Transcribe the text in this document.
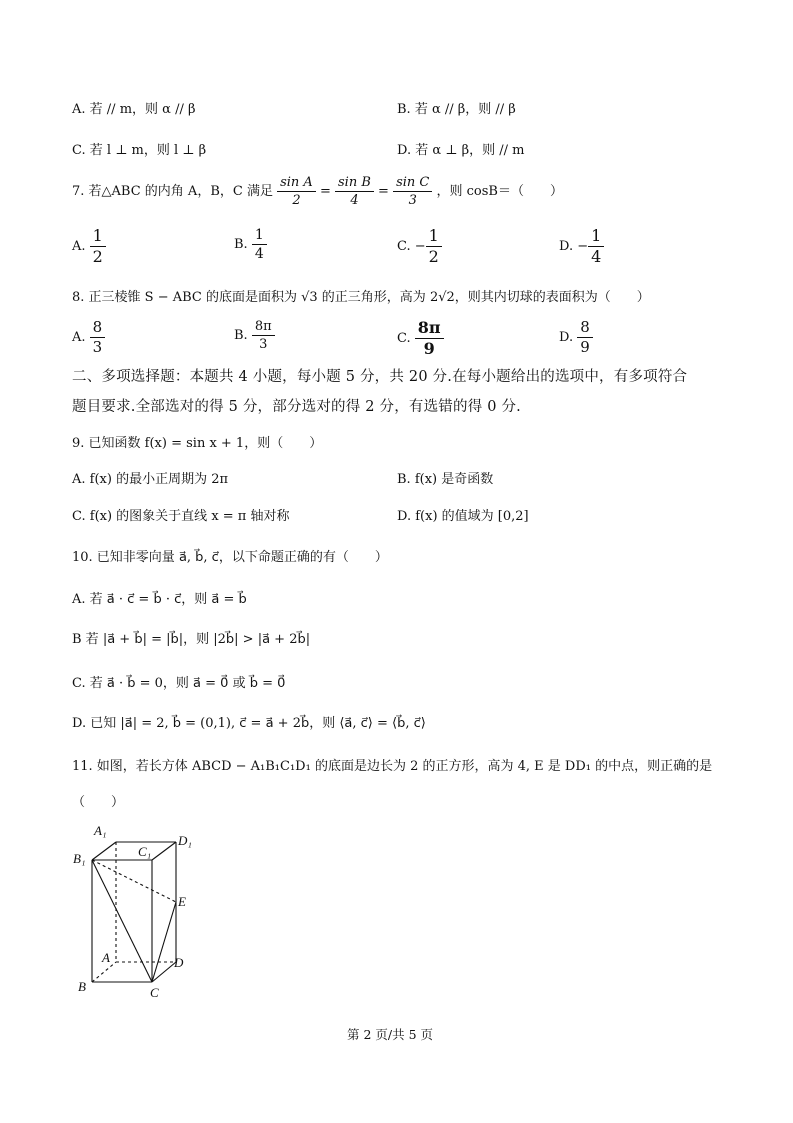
A. 若 // m，则 α // β	B. 若 α // β，则 // β
C. 若 l ⊥ m，则 l ⊥ β	D. 若 α ⊥ β，则 // m
7. 若△ABC 的内角 A，B，C 满足 $\frac{\text{sin A}}{2} = \frac{\text{sin B}}{4} = \frac{\text{sin C}}{3}$ ，则 cosB＝（　　）
A. $\frac{1}{2}$	B. $\frac{1}{4}$	C. − $\frac{1}{2}$	D. − $\frac{1}{4}$
8. 正三棱锥 S − ABC 的底面是面积为 √3 的正三角形，高为 2√2，则其内切球的表面积为（　　）
A. $\frac{8}{3}$	B. $\frac{8\pi}{3}$	C. $\frac{8\pi}{9}$	D. $\frac{8}{9}$
二、多项选择题：本题共 4 小题，每小题 5 分，共 20 分.在每小题给出的选项中，有多项符合
题目要求.全部选对的得 5 分，部分选对的得 2 分，有选错的得 0 分.
9. 已知函数 f(x) = sin x + 1，则（　　）
A. f(x) 的最小正周期为 2π	B. f(x) 是奇函数
C. f(x) 的图象关于直线 x = π 轴对称	D. f(x) 的值域为 [0,2]
10. 已知非零向量 a⃗, b⃗, c⃗，以下命题正确的有（　　）
A. 若 a⃗ · c⃗ = b⃗ · c⃗，则 a⃗ = b⃗
B 若 |a⃗ + b⃗| = |b⃗|，则 |2b⃗| > |a⃗ + 2b⃗|
C. 若 a⃗ · b⃗ = 0，则 a⃗ = 0⃗ 或 b⃗ = 0⃗
D. 已知 |a⃗| = 2, b⃗ = (0,1), c⃗ = a⃗ + 2b⃗，则 ⟨a⃗, c⃗⟩ = ⟨b⃗, c⃗⟩
11. 如图，若长方体 ABCD − A₁B₁C₁D₁ 的底面是边长为 2 的正方形，高为 4, E 是 DD₁ 的中点，则正确的是
（　　）
A₁
B₁	C₁
D₁
E
A
B	C
D
第 2 页/共 5 页
